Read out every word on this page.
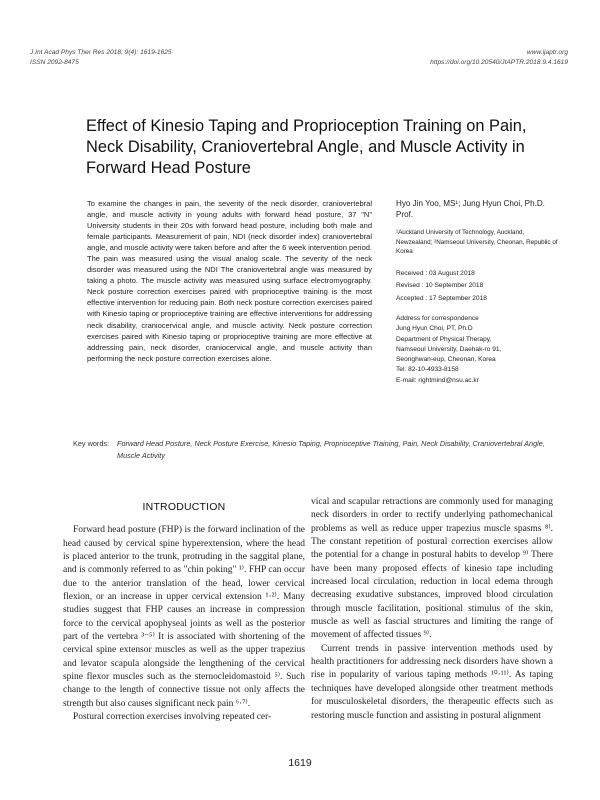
J Int Acad Phys Ther Res 2018; 9(4): 1619-1625
ISSN 2092-8475
www.ijaptr.org
https://doi.org/10.20540/JIAPTR.2018.9.4.1619
Effect of Kinesio Taping and Proprioception Training on Pain, Neck Disability, Craniovertebral Angle, and Muscle Activity in Forward Head Posture

To examine the changes in pain, the severity of the neck disorder, craniovertebral angle, and muscle activity in young adults with forward head posture, 37 "N" University students in their 20s with forward head posture, including both male and female participants. Measurement of pain, NDI (neck disorder index) craniovertebral angle, and muscle activity were taken before and after the 6 week intervention period. The pain was measured using the visual analog scale. The severity of the neck disorder was measured using the NDI The craniovertebral angle was measured by taking a photo. The muscle activity was measured using surface electromyography. Neck posture correction exercises paired with proprioceptive training is the most effective intervention for reducing pain. Both neck posture correction exercises paired with Kinesio taping or proprioceptive training are effective interventions for addressing neck disability, craniocervical angle, and muscle activity. Neck posture correction exercises paired with Kinesio taping or proprioceptive training are more effective at addressing pain, neck disorder, craniocervical angle, and muscle activity than performing the neck posture correction exercises alone.

Hyo Jin Yoo, MS¹; Jung Hyun Choi, Ph.D. Prof.

¹Auckland University of Technology, Auckland, Newzealand; ²Namseoul University, Cheonan, Republic of Korea

Received : 03 August 2018
Revised : 10 September 2018
Accepted : 17 September 2018
Address for correspondence
Jung Hyun Choi, PT, Ph.D
Department of Physical Therapy,
Namseoul University, Daehak-ro 91,
Seonghwan-eup, Cheonan, Korea
Tel: 82-10-4933-8158
E-mail: rightmind@nsu.ac.kr
Key words: Forward Head Posture, Neck Posture Exercise, Kinesio Taping, Proprioceptive Training, Pain, Neck Disability, Craniovertebral Angle, Muscle Activity
INTRODUCTION

Forward head posture (FHP) is the forward inclination of the head caused by cervical spine hyperextension, where the head is placed anterior to the trunk, protruding in the saggital plane, and is commonly referred to as "chin poking" ¹⁾. FHP can occur due to the anterior translation of the head, lower cervical flexion, or an increase in upper cervical extension ¹·²⁾. Many studies suggest that FHP causes an increase in compression force to the cervical apophyseal joints as well as the posterior part of the vertebra ³⁻⁵⁾ It is associated with shortening of the cervical spine extensor muscles as well as the upper trapezius and levator scapula alongside the lengthening of the cervical spine flexor muscles such as the sternocleidomastoid ⁵⁾. Such change to the length of connective tissue not only affects the strength but also causes significant neck pain ⁶·⁷⁾.

Postural correction exercises involving repeated cer-

vical and scapular retractions are commonly used for managing neck disorders in order to rectify underlying pathomechanical problems as well as reduce upper trapezius muscle spasms ⁸⁾. The constant repetition of postural correction exercises allow the potential for a change in postural habits to develop ⁹⁾ There have been many proposed effects of kinesio tape including increased local circulation, reduction in local edema through decreasing exudative substances, improved blood circulation through muscle facilitation, positional stimulus of the skin, muscle as well as fascial structures and limiting the range of movement of affected tissues ⁹⁾.

Current trends in passive intervention methods used by health practitioners for addressing neck disorders have shown a rise in popularity of various taping methods ¹⁰·¹¹⁾. As taping techniques have developed alongside other treatment methods for musculoskeletal disorders, the therapeutic effects such as restoring muscle function and assisting in postural alignment

1619
